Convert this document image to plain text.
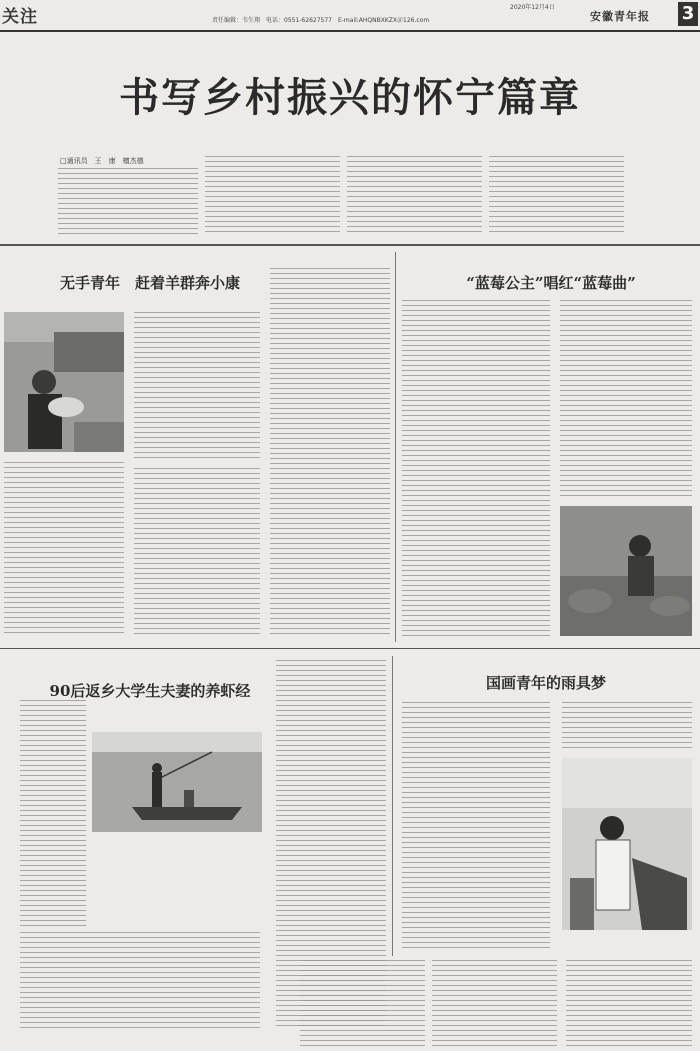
关注	2020年12月4日
责任编辑：韦生翔　电话：0551-62627577　E-mail:AHQNBXKZX＠126.com	安徽青年报 3
书写乡村振兴的怀宁篇章
□通讯员　王　康　檀杰德
无手青年　赶着羊群奔小康	“蓝莓公主”唱红“蓝莓曲”
90后返乡大学生夫妻的养虾经	国画青年的雨具梦
